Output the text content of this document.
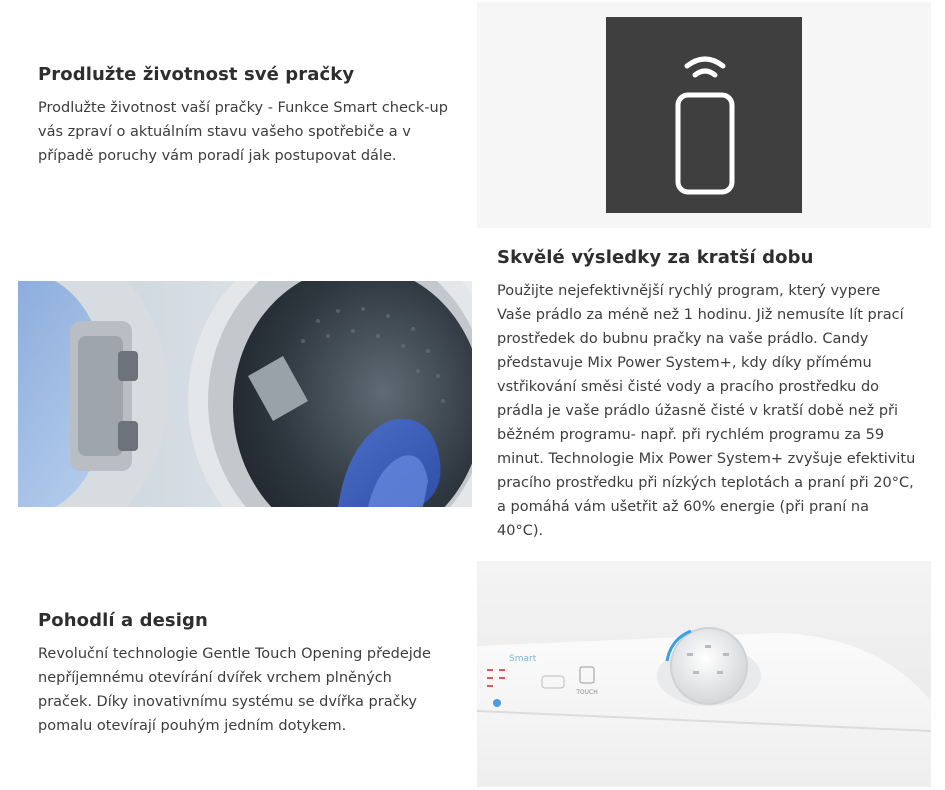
Prodlužte životnost své pračky

Prodlužte životnost vaší pračky - Funkce Smart check-up vás zpraví o aktuálním stavu vašeho spotřebiče a v případě poruchy vám poradí jak postupovat dále.

Skvělé výsledky za kratší dobu

Použijte nejefektivnější rychlý program, který vypere Vaše prádlo za méně než 1 hodinu. Již nemusíte lít prací prostředek do bubnu pračky na vaše prádlo. Candy představuje Mix Power System+, kdy díky přímému vstřikování směsi čisté vody a pracího prostředku do prádla je vaše prádlo úžasně čisté v kratší době než při běžném programu- např. při rychlém programu za 59 minut. Technologie Mix Power System+ zvyšuje efektivitu pracího prostředku při nízkých teplotách a praní při 20°C, a pomáhá vám ušetřit až 60% energie (při praní na 40°C).

Pohodlí a design

Revoluční technologie Gentle Touch Opening předejde nepříjemnému otevírání dvířek vrchem plněných praček. Díky inovativnímu systému se dvířka pračky pomalu otevírají pouhým jedním dotykem.

Smart
TOUCH
